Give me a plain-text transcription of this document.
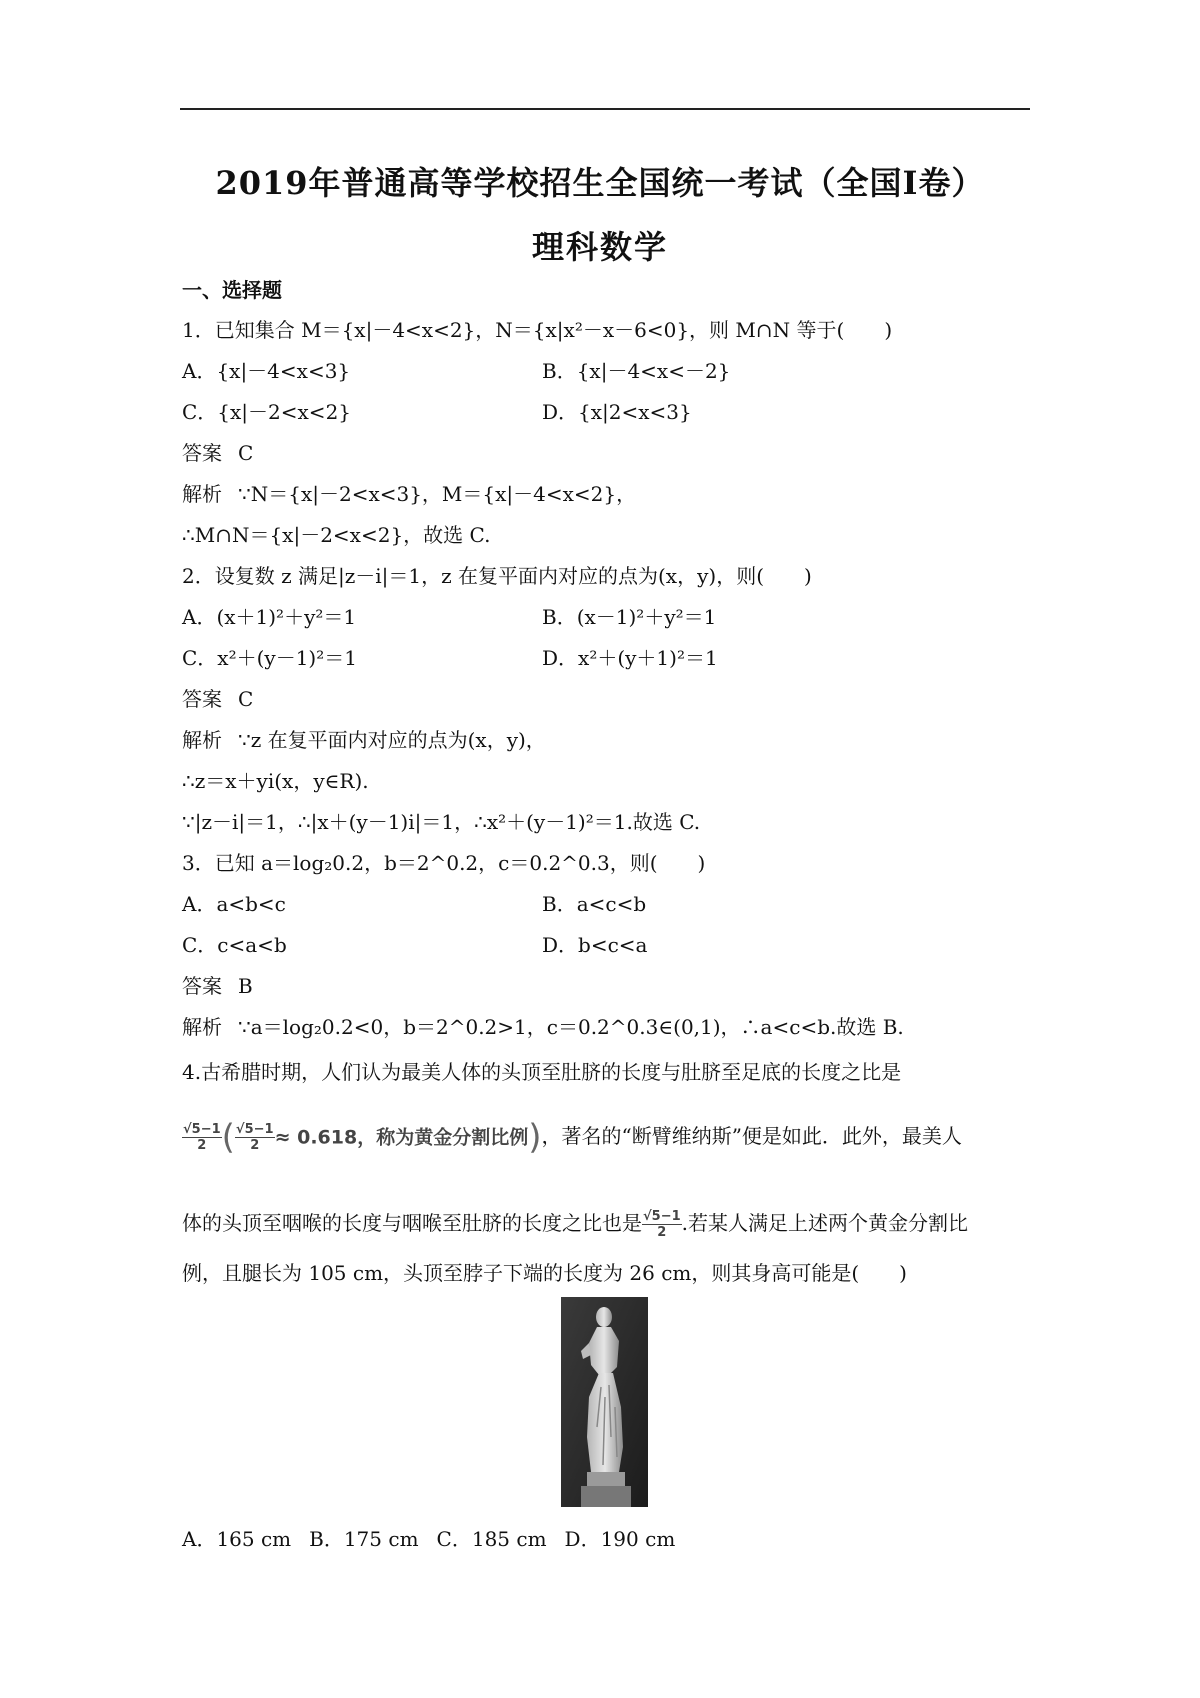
2019年普通高等学校招生全国统一考试（全国Ⅰ卷）
理科数学
一、选择题
1．已知集合 M＝{x|－4<x<2}，N＝{x|x²－x－6<0}，则 M∩N 等于(　　)
A．{x|－4<x<3}	B．{x|－4<x<－2}
C．{x|－2<x<2}	D．{x|2<x<3}
答案 C
解析 ∵N＝{x|－2<x<3}，M＝{x|－4<x<2}，
∴M∩N＝{x|－2<x<2}，故选 C.
2．设复数 z 满足|z－i|＝1，z 在复平面内对应的点为(x，y)，则(　　)
A．(x＋1)²＋y²＝1	B．(x－1)²＋y²＝1
C．x²＋(y－1)²＝1	D．x²＋(y＋1)²＝1
答案 C
解析 ∵z 在复平面内对应的点为(x，y)，
∴z＝x＋yi(x，y∈R).
∵|z－i|＝1，∴|x＋(y－1)i|＝1，∴x²＋(y－1)²＝1.故选 C.
3．已知 a＝log₂0.2，b＝2^0.2，c＝0.2^0.3，则(　　)
A．a<b<c	B．a<c<b
C．c<a<b	D．b<c<a
答案 B
解析 ∵a＝log₂0.2<0，b＝2^0.2>1，c＝0.2^0.3∈(0,1)，∴a<c<b.故选 B.
4.古希腊时期，人们认为最美人体的头顶至肚脐的长度与肚脐至足底的长度之比是
$\frac{√5-1}{2}$ ( $\frac{√5-1}{2} \approx 0.618$，称为黄金分割比例)，著名的“断臂维纳斯”便是如此．此外，最美人
体的头顶至咽喉的长度与咽喉至肚脐的长度之比也是 $\frac{√5-1}{2}$ .若某人满足上述两个黄金分割比
例，且腿长为 105 cm，头顶至脖子下端的长度为 26 cm，则其身高可能是(　　)
A．165 cm B．175 cm C．185 cm D．190 cm
